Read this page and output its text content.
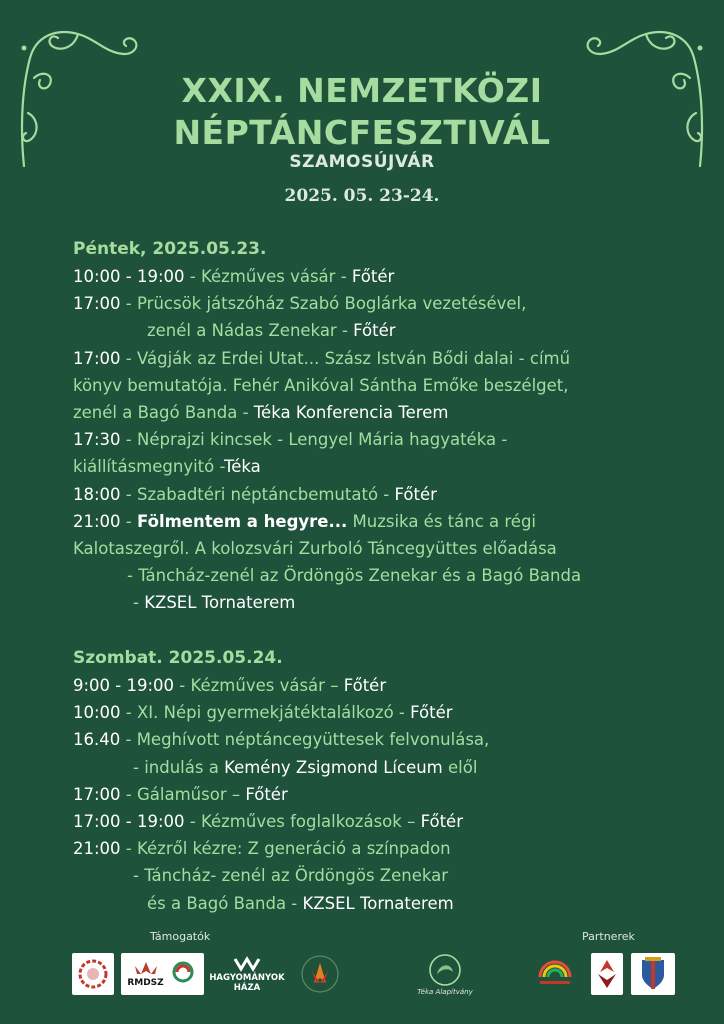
XXIX. NEMZETKÖZI
NÉPTÁNCFESZTIVÁL
SZAMOSÚJVÁR
2025. 05. 23-24.
Péntek, 2025.05.23.
10:00 - 19:00 - Kézműves vásár - Főtér
17:00 - Prücsök játszóház Szabó Boglárka vezetésével,
zenél a Nádas Zenekar - Főtér
17:00 - Vágják az Erdei Utat... Szász István Bődi dalai - című
könyv bemutatója. Fehér Anikóval Sántha Emőke beszélget,
zenél a Bagó Banda - Téka Konferencia Terem
17:30 - Néprajzi kincsek - Lengyel Mária hagyatéka -
kiállításmegnyitó -Téka
18:00 - Szabadtéri néptáncbemutató - Főtér
21:00 - Fölmentem a hegyre... Muzsika és tánc a régi
Kalotaszegről. A kolozsvári Zurboló Táncegyüttes előadása
- Táncház-zenél az Ördöngös Zenekar és a Bagó Banda
- KZSEL Tornaterem
Szombat. 2025.05.24.
9:00 - 19:00 - Kézműves vásár – Főtér
10:00 - XI. Népi gyermekjátéktalálkozó - Főtér
16.40 - Meghívott néptáncegyüttesek felvonulása,
- indulás a Kemény Zsigmond Líceum elől
17:00 - Gálaműsor – Főtér
17:00 - 19:00 - Kézműves foglalkozások – Főtér
21:00 - Kézről kézre: Z generáció a színpadon
- Táncház- zenél az Ördöngös Zenekar
és a Bagó Banda - KZSEL Tornaterem
Támogatók	Partnerek
RMDSZ	HAGYOMÁNYOK
HÁZA	Téka Alapítvány
